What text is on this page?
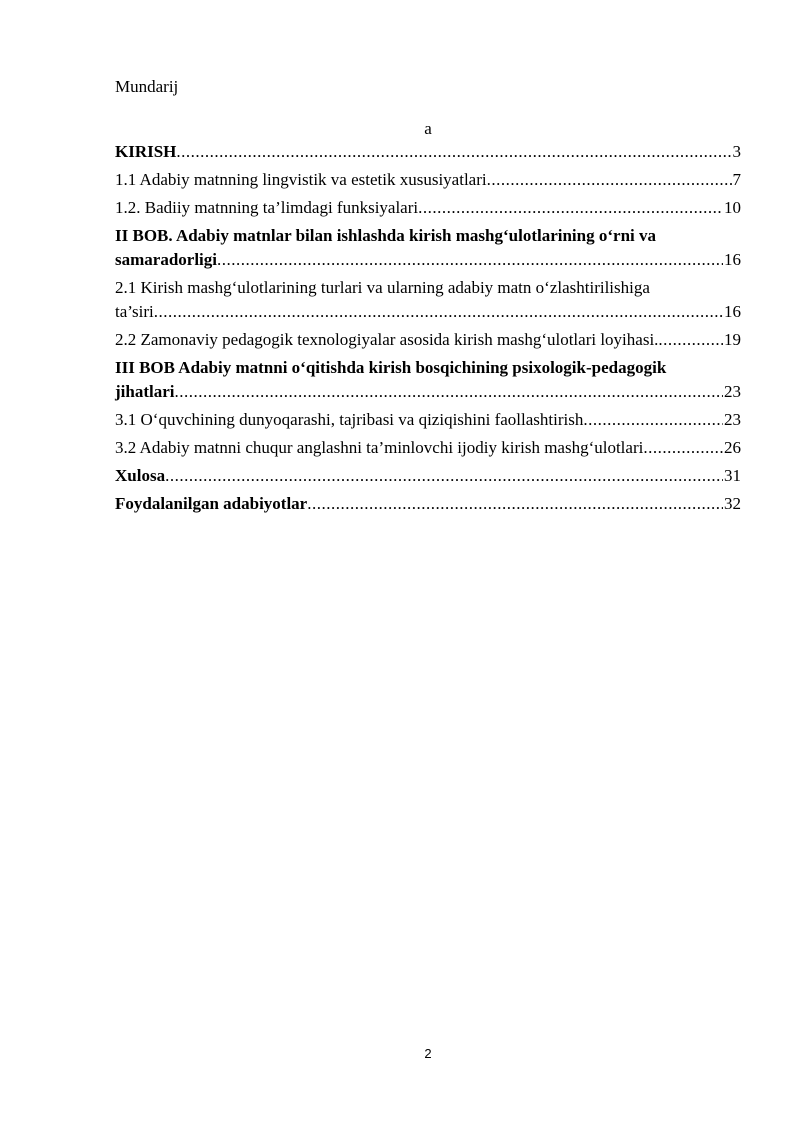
Mundarij
a
KIRISH .....	3
1.1 Adabiy matnning lingvistik va estetik xususiyatlari .....	7
1.2. Badiiy matnning ta’limdagi funksiyalari .....	10
II BOB. Adabiy matnlar bilan ishlashda kirish mashg‘ulotlarining o‘rni va
samaradorligi .....	16
2.1 Kirish mashg‘ulotlarining turlari va ularning adabiy matn o‘zlashtirilishiga
ta’siri .....	16
2.2 Zamonaviy pedagogik texnologiyalar asosida kirish mashg‘ulotlari loyihasi. .....	19
III BOB Adabiy matnni o‘qitishda kirish bosqichining psixologik-pedagogik
jihatlari .....	23
3.1 O‘quvchining dunyoqarashi, tajribasi va qiziqishini faollashtirish .....	23
3.2 Adabiy matnni chuqur anglashni ta’minlovchi ijodiy kirish mashg‘ulotlari .....	26
Xulosa .....	31
Foydalanilgan adabiyotlar .....	32
2
